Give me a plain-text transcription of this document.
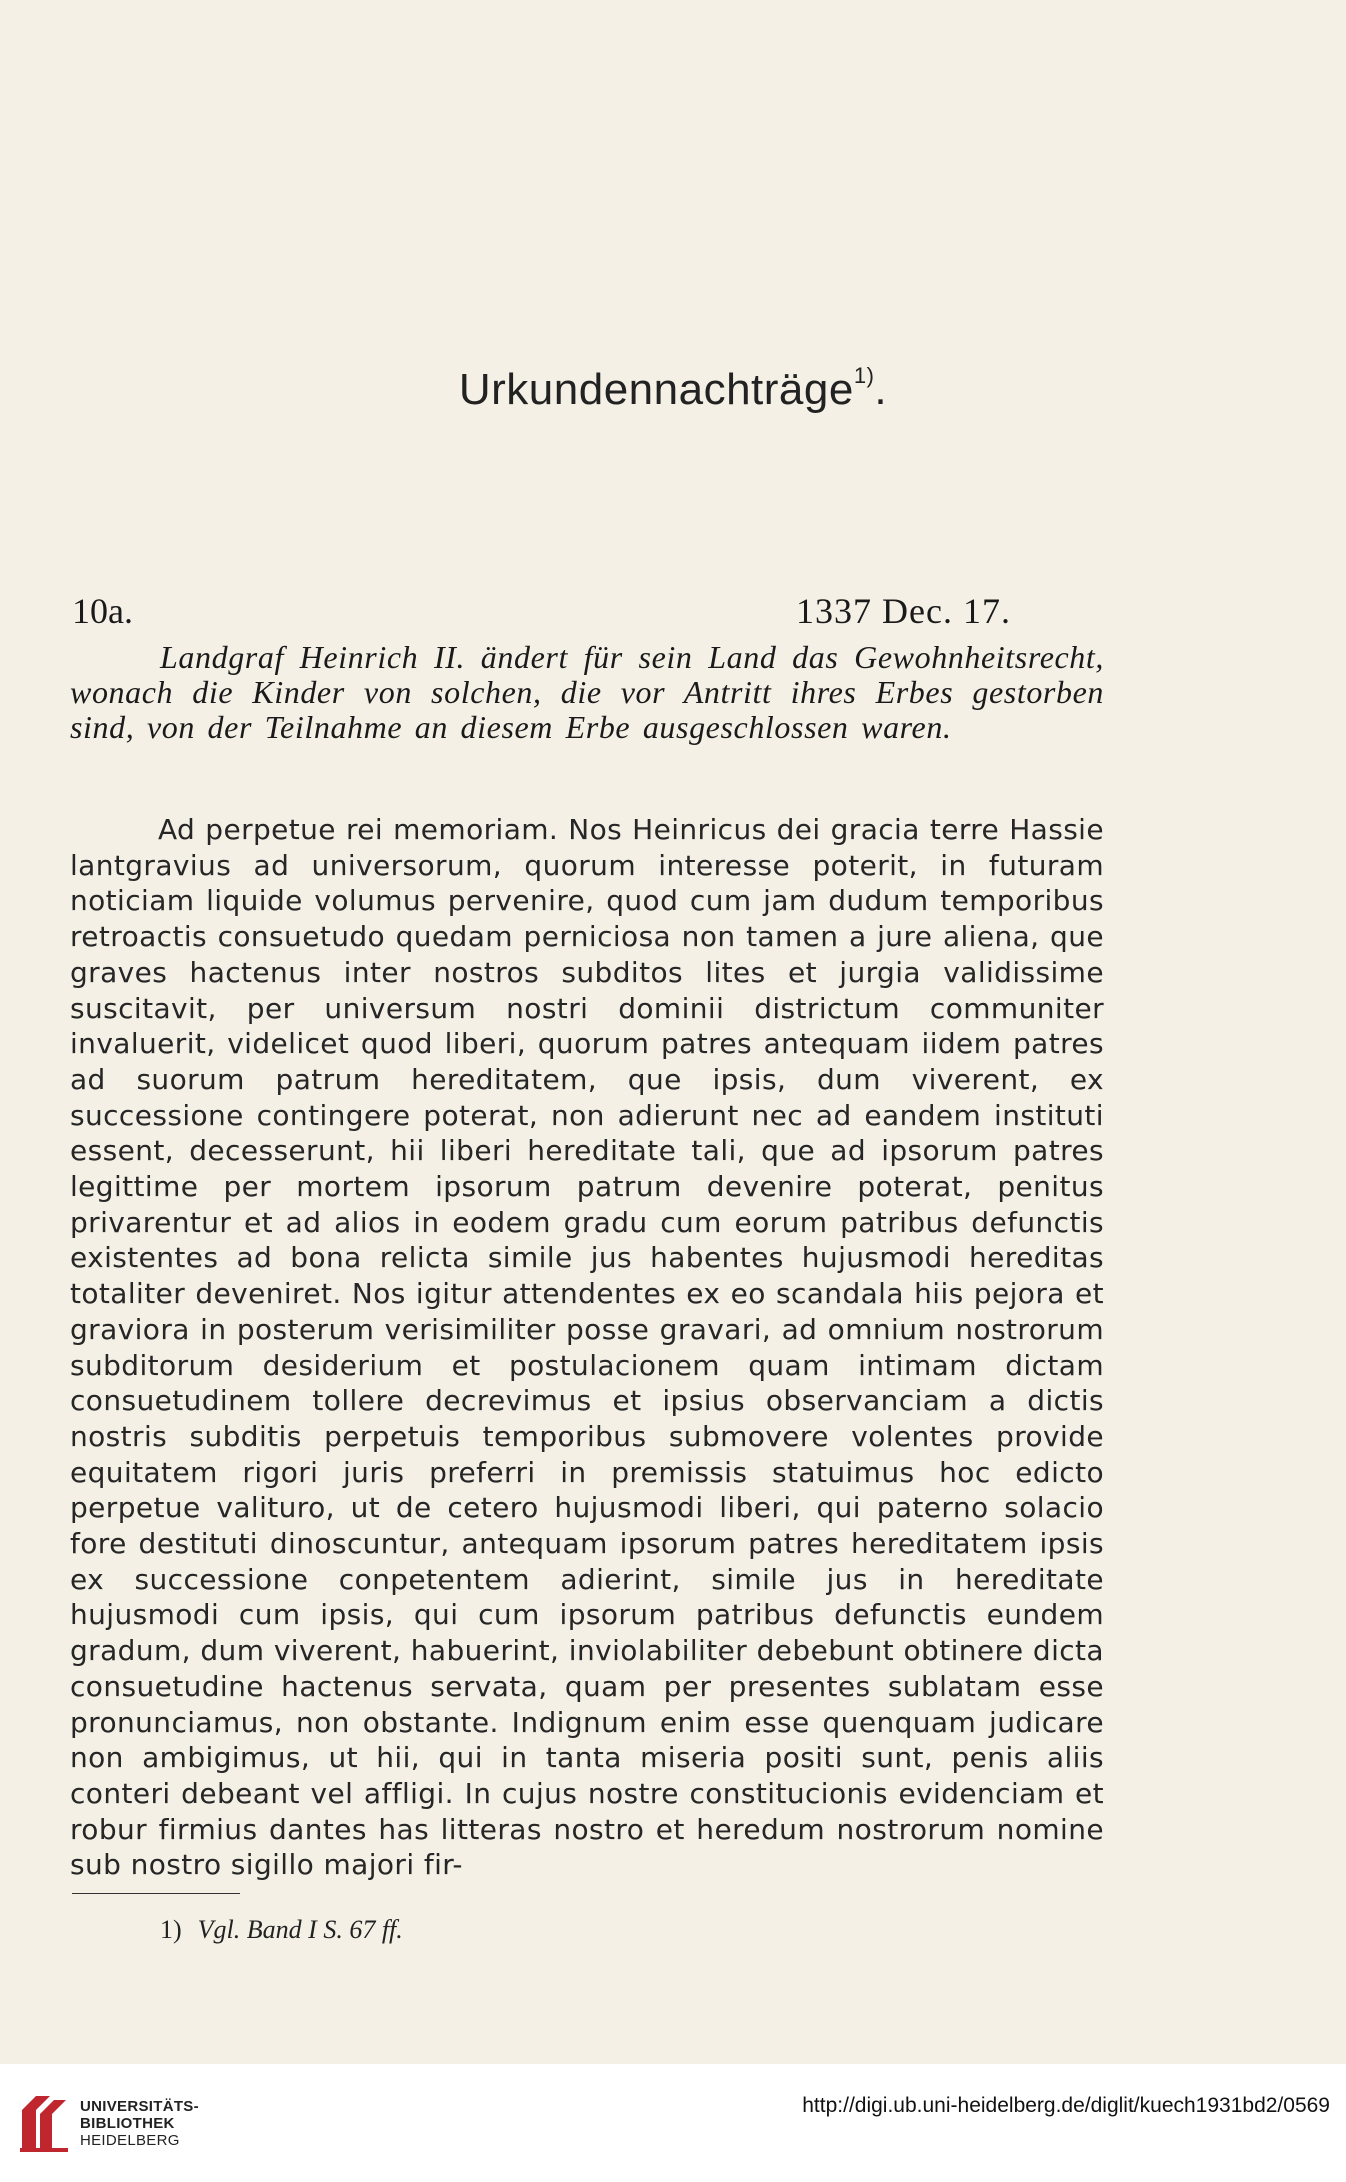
Urkundennachträge$^{1)}$.
10a.	1337 Dec. 17.

Landgraf Heinrich II. ändert für sein Land das Gewohnheitsrecht, wonach die Kinder von solchen, die vor Antritt ihres Erbes gestorben sind, von der Teilnahme an diesem Erbe ausgeschlossen waren.

Ad perpetue rei memoriam. Nos Heinricus dei gracia terre Hassie lantgravius ad universorum, quorum interesse poterit, in futuram noticiam liquide volumus pervenire, quod cum jam dudum temporibus retroactis consuetudo quedam perniciosa non tamen a jure aliena, que graves hactenus inter nostros subditos lites et jurgia validissime suscitavit, per universum nostri dominii districtum communiter invaluerit, videlicet quod liberi, quorum patres antequam iidem patres ad suorum patrum hereditatem, que ipsis, dum viverent, ex successione contingere poterat, non adierunt nec ad eandem instituti essent, decesserunt, hii liberi hereditate tali, que ad ipsorum patres legittime per mortem ipsorum patrum devenire poterat, penitus privarentur et ad alios in eodem gradu cum eorum patribus defunctis existentes ad bona relicta simile jus habentes hujusmodi hereditas totaliter deveniret. Nos igitur attendentes ex eo scandala hiis pejora et graviora in posterum verisimiliter posse gravari, ad omnium nostrorum subditorum desiderium et postulacionem quam intimam dictam consuetudinem tollere decrevimus et ipsius observanciam a dictis nostris subditis perpetuis temporibus submovere volentes provide equitatem rigori juris preferri in premissis statuimus hoc edicto perpetue valituro, ut de cetero hujusmodi liberi, qui paterno solacio fore destituti dinoscuntur, antequam ipsorum patres hereditatem ipsis ex successione conpetentem adierint, simile jus in hereditate hujusmodi cum ipsis, qui cum ipsorum patribus defunctis eundem gradum, dum viverent, habuerint, inviolabiliter debebunt obtinere dicta consuetudine hactenus servata, quam per presentes sublatam esse pronunciamus, non obstante. Indignum enim esse quenquam judicare non ambigimus, ut hii, qui in tanta miseria positi sunt, penis aliis conteri debeant vel affligi. In cujus nostre constitucionis evidenciam et robur firmius dantes has litteras nostro et heredum nostrorum nomine sub nostro sigillo majori fir-

1) Vgl. Band I S. 67 ff.
UNIVERSITÄTS-
BIBLIOTHEK
HEIDELBERG
http://digi.ub.uni-heidelberg.de/diglit/kuech1931bd2/0569
